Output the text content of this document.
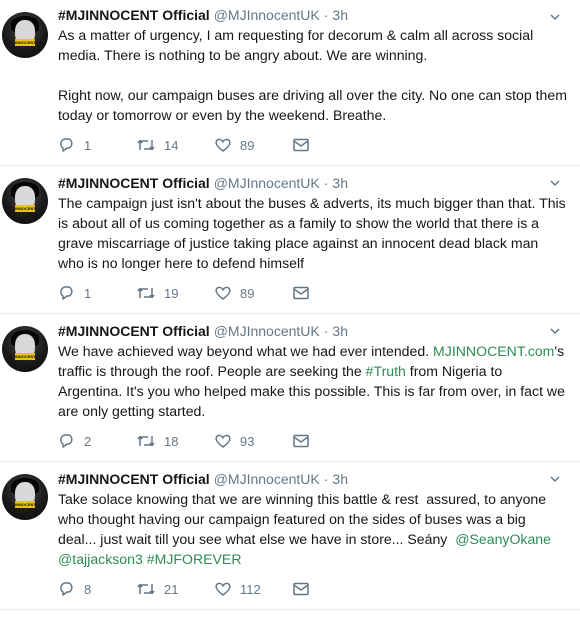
INNOCENT
#MJINNOCENT Official @MJInnocentUK · 3h
As a matter of urgency, I am requesting for decorum & calm all across social media. There is nothing to be angry about. We are winning.

Right now, our campaign buses are driving all over the city. No one can stop them today or tomorrow or even by the weekend. Breathe.
1	14	89
INNOCENT
#MJINNOCENT Official @MJInnocentUK · 3h
The campaign just isn't about the buses & adverts, its much bigger than that. This is about all of us coming together as a family to show the world that there is a grave miscarriage of justice taking place against an innocent dead black man who is no longer here to defend himself
1	19	89
INNOCENT
#MJINNOCENT Official @MJInnocentUK · 3h
We have achieved way beyond what we had ever intended. MJINNOCENT.com's traffic is through the roof. People are seeking the #Truth from Nigeria to Argentina. It's you who helped make this possible. This is far from over, in fact we are only getting started.
2	18	93
INNOCENT
#MJINNOCENT Official @MJInnocentUK · 3h
Take solace knowing that we are winning this battle & rest  assured, to anyone who thought having our campaign featured on the sides of buses was a big deal... just wait till you see what else we have in store... Seány  @SeanyOkane
@tajjackson3 #MJFOREVER
8	21	112
